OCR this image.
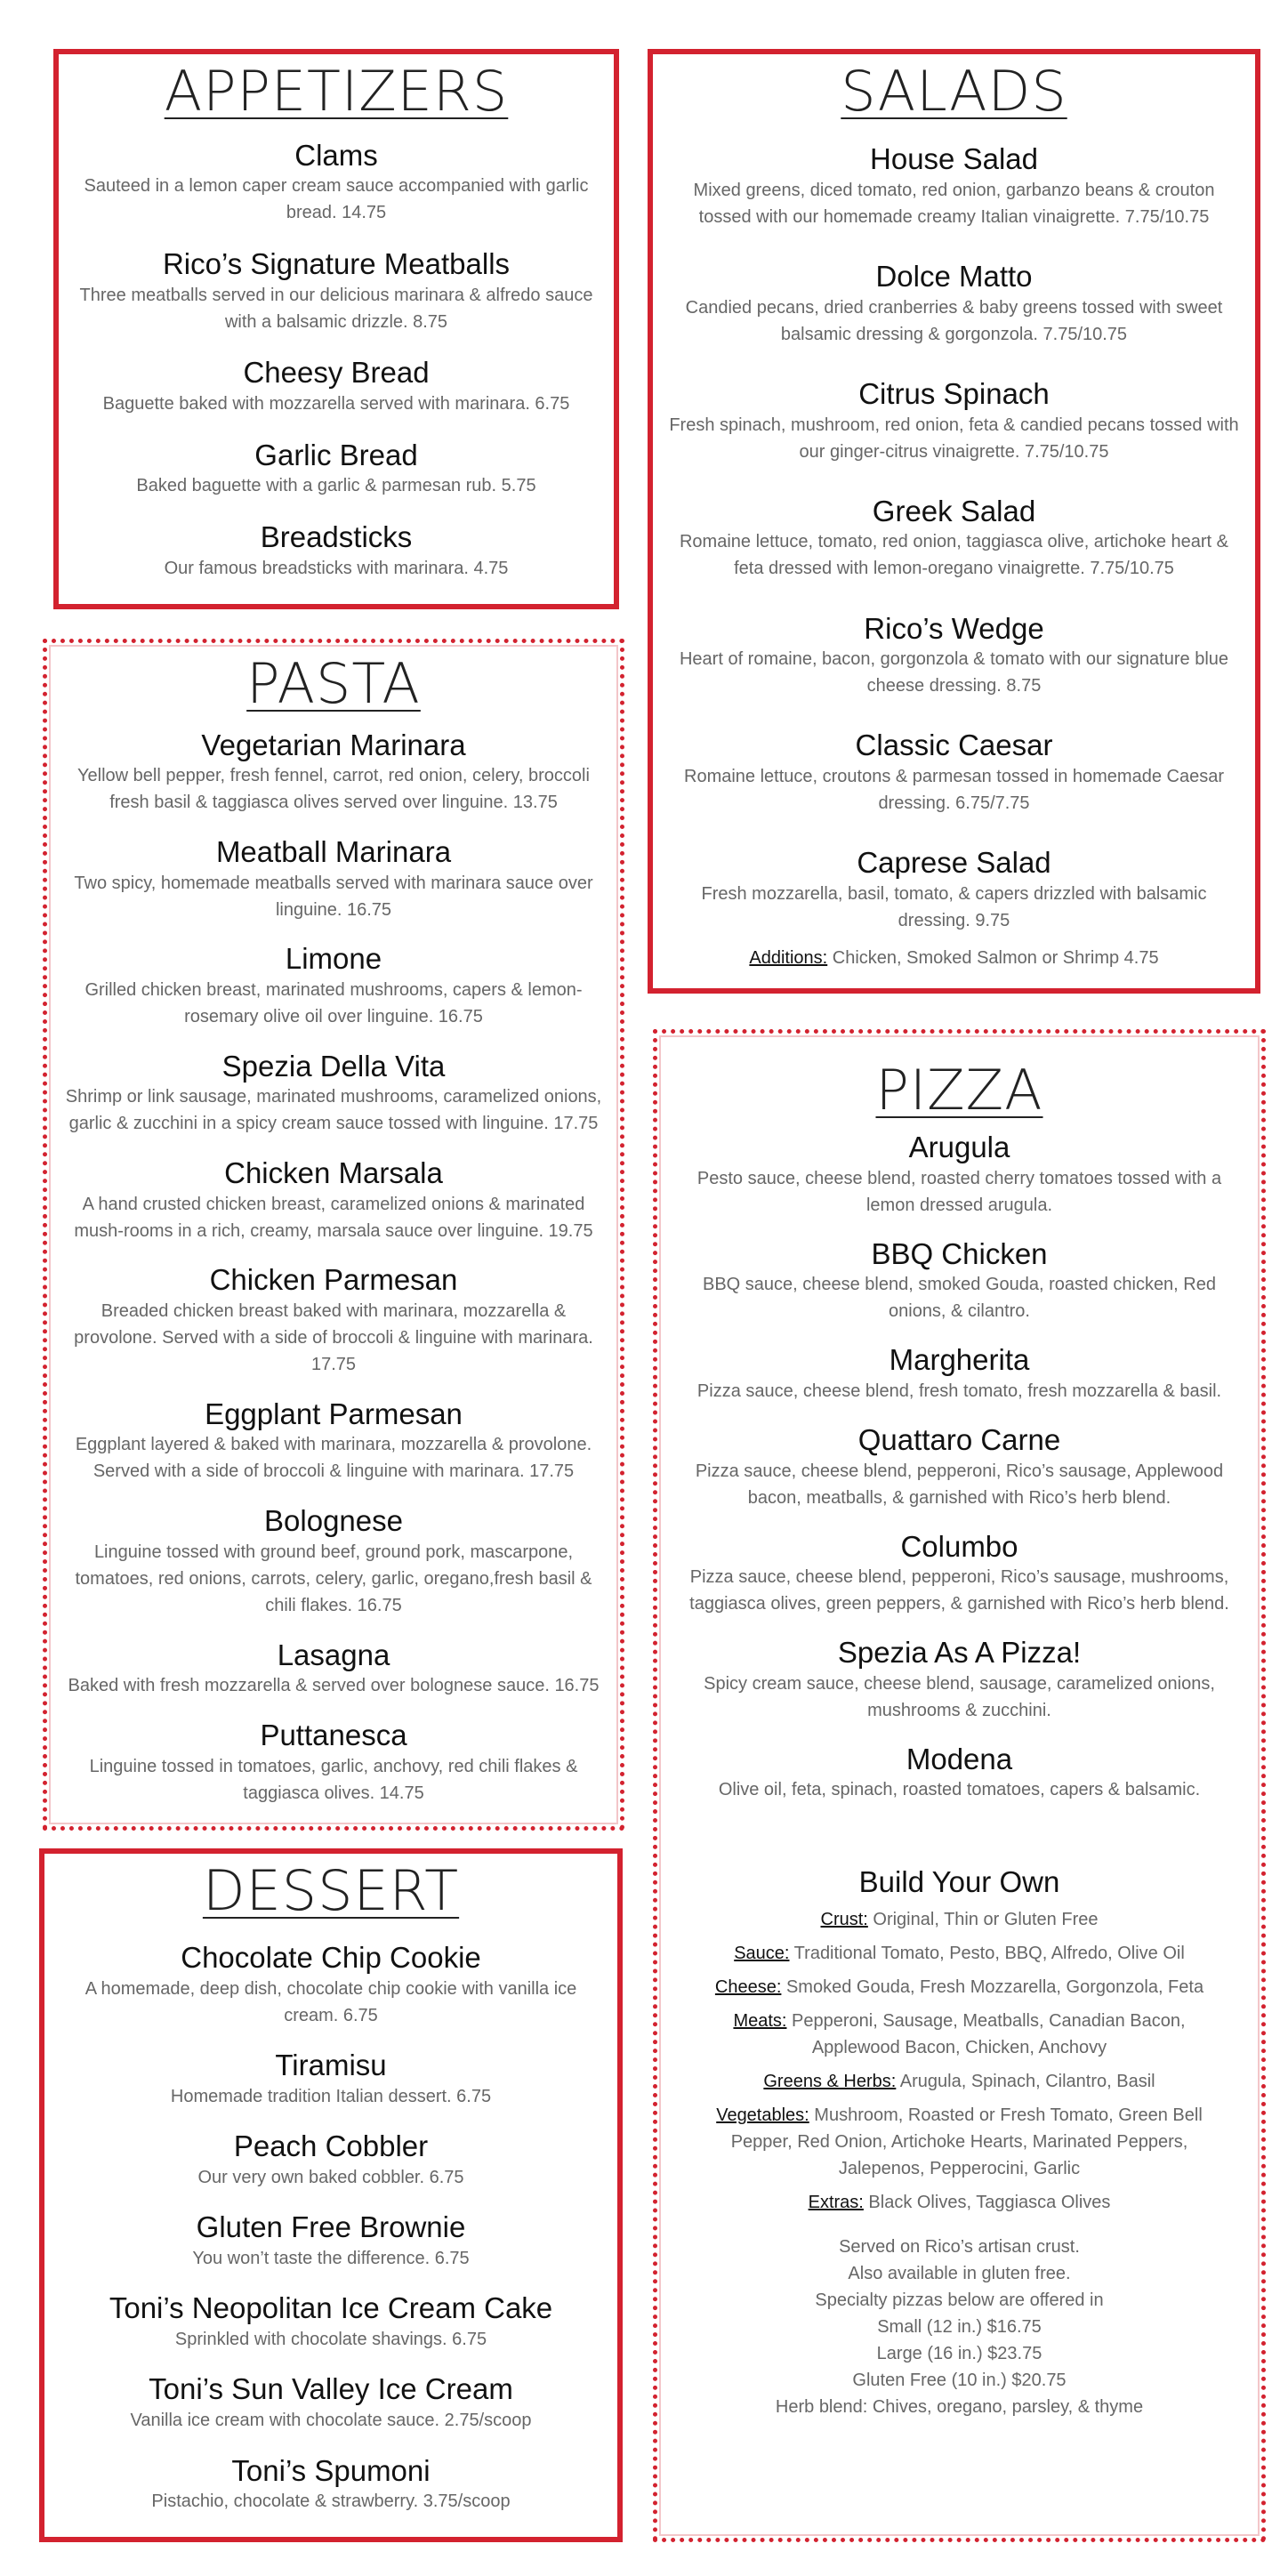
APPETIZERS
Clams
Sauteed in a lemon caper cream sauce accompanied with garlic bread. 14.75
Rico’s Signature Meatballs
Three meatballs served in our delicious marinara & alfredo sauce with a balsamic drizzle. 8.75
Cheesy Bread
Baguette baked with mozzarella served with marinara. 6.75
Garlic Bread
Baked baguette with a garlic & parmesan rub. 5.75
Breadsticks
Our famous breadsticks with marinara. 4.75
SALADS
House Salad
Mixed greens, diced tomato, red onion, garbanzo beans & crouton tossed with our homemade creamy Italian vinaigrette. 7.75/10.75
Dolce Matto
Candied pecans, dried cranberries & baby greens tossed with sweet balsamic dressing & gorgonzola. 7.75/10.75
Citrus Spinach
Fresh spinach, mushroom, red onion, feta & candied pecans tossed with our ginger-citrus vinaigrette. 7.75/10.75
Greek Salad
Romaine lettuce, tomato, red onion, taggiasca olive, artichoke heart & feta dressed with lemon-oregano vinaigrette. 7.75/10.75
Rico’s Wedge
Heart of romaine, bacon, gorgonzola & tomato with our signature blue cheese dressing. 8.75
Classic Caesar
Romaine lettuce, croutons & parmesan tossed in homemade Caesar dressing. 6.75/7.75
Caprese Salad
Fresh mozzarella, basil, tomato, & capers drizzled with balsamic dressing. 9.75
Additions: Chicken, Smoked Salmon or Shrimp 4.75
PASTA
Vegetarian Marinara
Yellow bell pepper, fresh fennel, carrot, red onion, celery, broccoli fresh basil & taggiasca olives served over linguine. 13.75
Meatball Marinara
Two spicy, homemade meatballs served with marinara sauce over linguine. 16.75
Limone
Grilled chicken breast, marinated mushrooms, capers & lemon-rosemary olive oil over linguine. 16.75
Spezia Della Vita
Shrimp or link sausage, marinated mushrooms, caramelized onions, garlic & zucchini in a spicy cream sauce tossed with linguine. 17.75
Chicken Marsala
A hand crusted chicken breast, caramelized onions & marinated mush-rooms in a rich, creamy, marsala sauce over linguine. 19.75
Chicken Parmesan
Breaded chicken breast baked with marinara, mozzarella & provolone. Served with a side of broccoli & linguine with marinara. 17.75
Eggplant Parmesan
Eggplant layered & baked with marinara, mozzarella & provolone. Served with a side of broccoli & linguine with marinara. 17.75
Bolognese
Linguine tossed with ground beef, ground pork, mascarpone, tomatoes, red onions, carrots, celery, garlic, oregano,fresh basil & chili flakes. 16.75
Lasagna
Baked with fresh mozzarella & served over bolognese sauce. 16.75
Puttanesca
Linguine tossed in tomatoes, garlic, anchovy, red chili flakes & taggiasca olives. 14.75
DESSERT
Chocolate Chip Cookie
A homemade, deep dish, chocolate chip cookie with vanilla ice cream. 6.75
Tiramisu
Homemade tradition Italian dessert. 6.75
Peach Cobbler
Our very own baked cobbler. 6.75
Gluten Free Brownie
You won’t taste the difference. 6.75
Toni’s Neopolitan Ice Cream Cake
Sprinkled with chocolate shavings. 6.75
Toni’s Sun Valley Ice Cream
Vanilla ice cream with chocolate sauce. 2.75/scoop
Toni’s Spumoni
Pistachio, chocolate & strawberry. 3.75/scoop
PIZZA
Arugula
Pesto sauce, cheese blend, roasted cherry tomatoes tossed with a lemon dressed arugula.
BBQ Chicken
BBQ sauce, cheese blend, smoked Gouda, roasted chicken, Red onions, & cilantro.
Margherita
Pizza sauce, cheese blend, fresh tomato, fresh mozzarella & basil.
Quattaro Carne
Pizza sauce, cheese blend, pepperoni, Rico’s sausage, Applewood bacon, meatballs, & garnished with Rico’s herb blend.
Columbo
Pizza sauce, cheese blend, pepperoni, Rico’s sausage, mushrooms, taggiasca olives, green peppers, & garnished with Rico’s herb blend.
Spezia As A Pizza!
Spicy cream sauce, cheese blend, sausage, caramelized onions, mushrooms & zucchini.
Modena
Olive oil, feta, spinach, roasted tomatoes, capers & balsamic.
Build Your Own
Crust: Original, Thin or Gluten Free
Sauce: Traditional Tomato, Pesto, BBQ, Alfredo, Olive Oil
Cheese: Smoked Gouda, Fresh Mozzarella, Gorgonzola, Feta
Meats: Pepperoni, Sausage, Meatballs, Canadian Bacon, Applewood Bacon, Chicken, Anchovy
Greens & Herbs: Arugula, Spinach, Cilantro, Basil
Vegetables: Mushroom, Roasted or Fresh Tomato, Green Bell Pepper, Red Onion, Artichoke Hearts, Marinated Peppers, Jalepenos, Pepperocini, Garlic
Extras: Black Olives, Taggiasca Olives
Served on Rico’s artisan crust.
Also available in gluten free.
Specialty pizzas below are offered in
Small (12 in.) $16.75
Large (16 in.) $23.75
Gluten Free (10 in.) $20.75
Herb blend: Chives, oregano, parsley, & thyme
